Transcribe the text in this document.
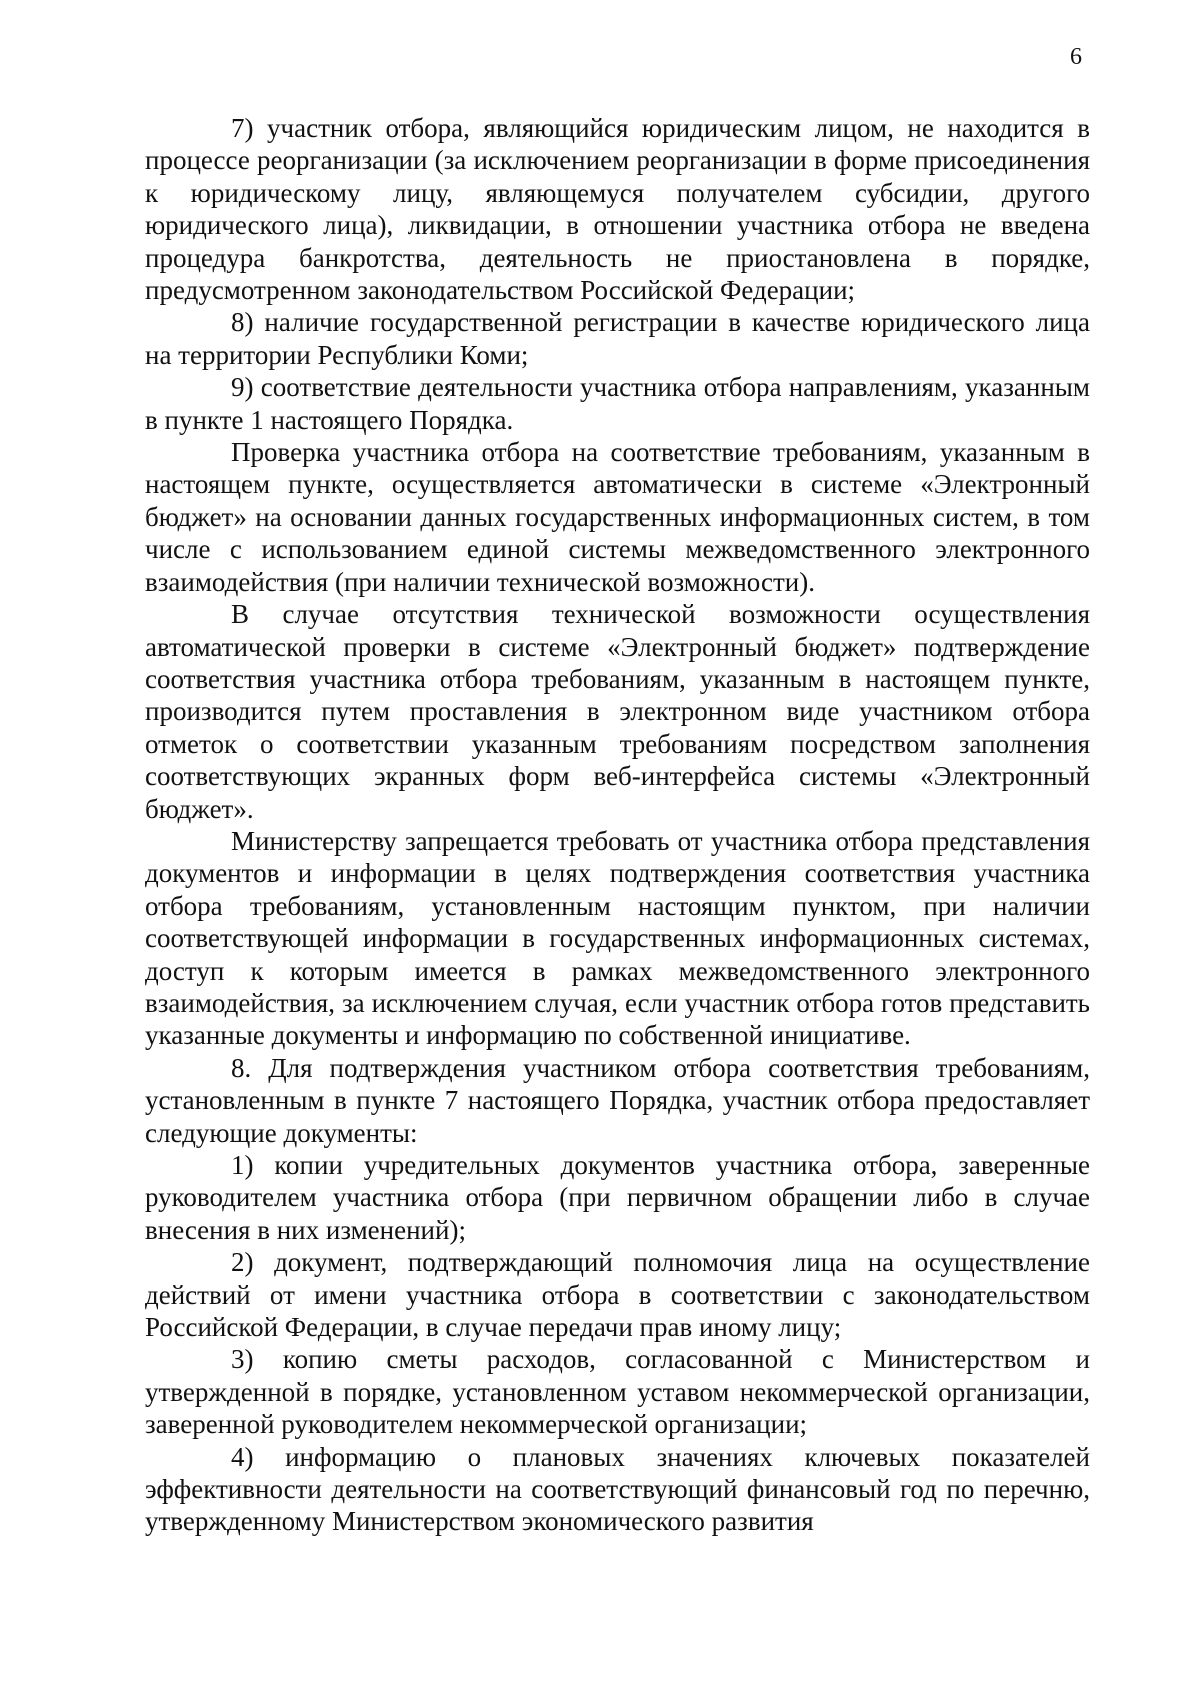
6

7) участник отбора, являющийся юридическим лицом, не находится в процессе реорганизации (за исключением реорганизации в форме присоединения к юридическому лицу, являющемуся получателем субсидии, другого юридического лица), ликвидации, в отношении участника отбора не введена процедура банкротства, деятельность не приостановлена в порядке, предусмотренном законодательством Российской Федерации;

8) наличие государственной регистрации в качестве юридического лица на территории Республики Коми;

9) соответствие деятельности участника отбора направлениям, указанным в пункте 1 настоящего Порядка.

Проверка участника отбора на соответствие требованиям, указанным в настоящем пункте, осуществляется автоматически в системе «Электронный бюджет» на основании данных государственных информационных систем, в том числе с использованием единой системы межведомственного электронного взаимодействия (при наличии технической возможности).

В случае отсутствия технической возможности осуществления автоматической проверки в системе «Электронный бюджет» подтверждение соответствия участника отбора требованиям, указанным в настоящем пункте, производится путем проставления в электронном виде участником отбора отметок о соответствии указанным требованиям посредством заполнения соответствующих экранных форм веб-интерфейса системы «Электронный бюджет».

Министерству запрещается требовать от участника отбора представления документов и информации в целях подтверждения соответствия участника отбора требованиям, установленным настоящим пунктом, при наличии соответствующей информации в государственных информационных системах, доступ к которым имеется в рамках межведомственного электронного взаимодействия, за исключением случая, если участник отбора готов представить указанные документы и информацию по собственной инициативе.

8. Для подтверждения участником отбора соответствия требованиям, установленным в пункте 7 настоящего Порядка, участник отбора предоставляет следующие документы:

1) копии учредительных документов участника отбора, заверенные руководителем участника отбора (при первичном обращении либо в случае внесения в них изменений);

2) документ, подтверждающий полномочия лица на осуществление действий от имени участника отбора в соответствии с законодательством Российской Федерации, в случае передачи прав иному лицу;

3) копию сметы расходов, согласованной с Министерством и утвержденной в порядке, установленном уставом некоммерческой организации, заверенной руководителем некоммерческой организации;

4) информацию о плановых значениях ключевых показателей эффективности деятельности на соответствующий финансовый год по перечню, утвержденному Министерством экономического развития
